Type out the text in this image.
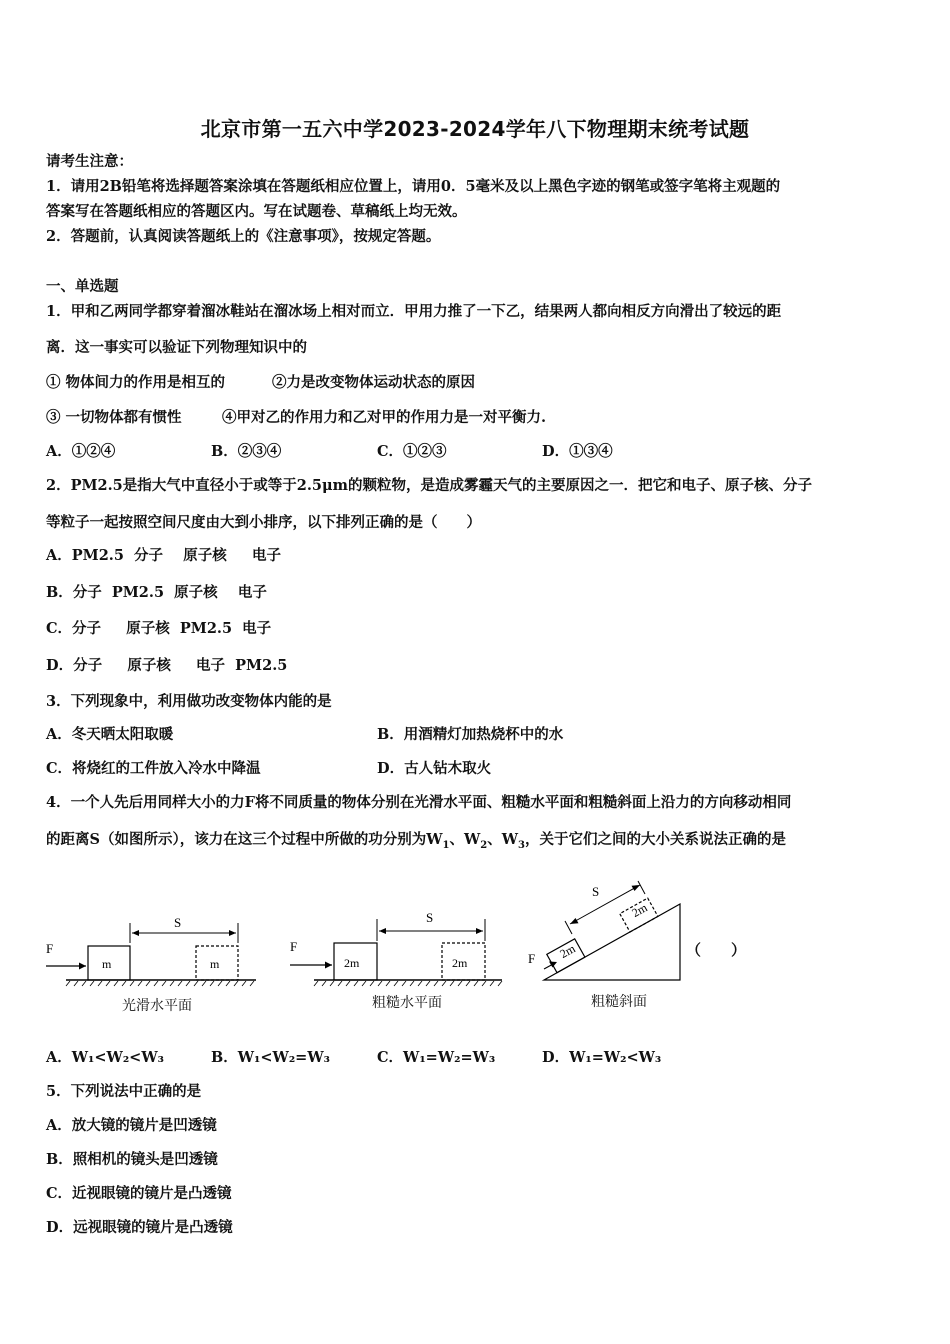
北京市第一五六中学2023-2024学年八下物理期末统考试题
请考生注意：
1．请用2B铅笔将选择题答案涂填在答题纸相应位置上，请用0．5毫米及以上黑色字迹的钢笔或签字笔将主观题的
答案写在答题纸相应的答题区内。写在试题卷、草稿纸上均无效。
2．答题前，认真阅读答题纸上的《注意事项》，按规定答题。
一、单选题
1．甲和乙两同学都穿着溜冰鞋站在溜冰场上相对而立．甲用力推了一下乙，结果两人都向相反方向滑出了较远的距
离．这一事实可以验证下列物理知识中的
① 物体间力的作用是相互的	②力是改变物体运动状态的原因
③ 一切物体都有惯性	④甲对乙的作用力和乙对甲的作用力是一对平衡力.
A．①②④	B．②③④	C．①②③	D．①③④
2．PM2.5是指大气中直径小于或等于2.5μm的颗粒物，是造成雾霾天气的主要原因之一．把它和电子、原子核、分子
等粒子一起按照空间尺度由大到小排序，以下排列正确的是（　　）
A．PM2.5  分子    原子核     电子
B．分子  PM2.5  原子核    电子
C．分子     原子核  PM2.5  电子
D．分子     原子核     电子  PM2.5
3．下列现象中，利用做功改变物体内能的是
A．冬天晒太阳取暖	B．用酒精灯加热烧杯中的水
C．将烧红的工件放入冷水中降温	D．古人钻木取火
4．一个人先后用同样大小的力F将不同质量的物体分别在光滑水平面、粗糙水平面和粗糙斜面上沿力的方向移动相同
的距离S（如图所示），该力在这三个过程中所做的功分别为$W_1$、$W_2$、$W_3$，关于它们之间的大小关系说法正确的是
F
m	m
S
光滑水平面
F
2m	2m
S
粗糙水平面
2m
2m
F
S
粗糙斜面
（　　）
A．W₁<W₂<W₃	B．W₁<W₂=W₃	C．W₁=W₂=W₃	D．W₁=W₂<W₃
5．下列说法中正确的是
A．放大镜的镜片是凹透镜
B．照相机的镜头是凹透镜
C．近视眼镜的镜片是凸透镜
D．远视眼镜的镜片是凸透镜
